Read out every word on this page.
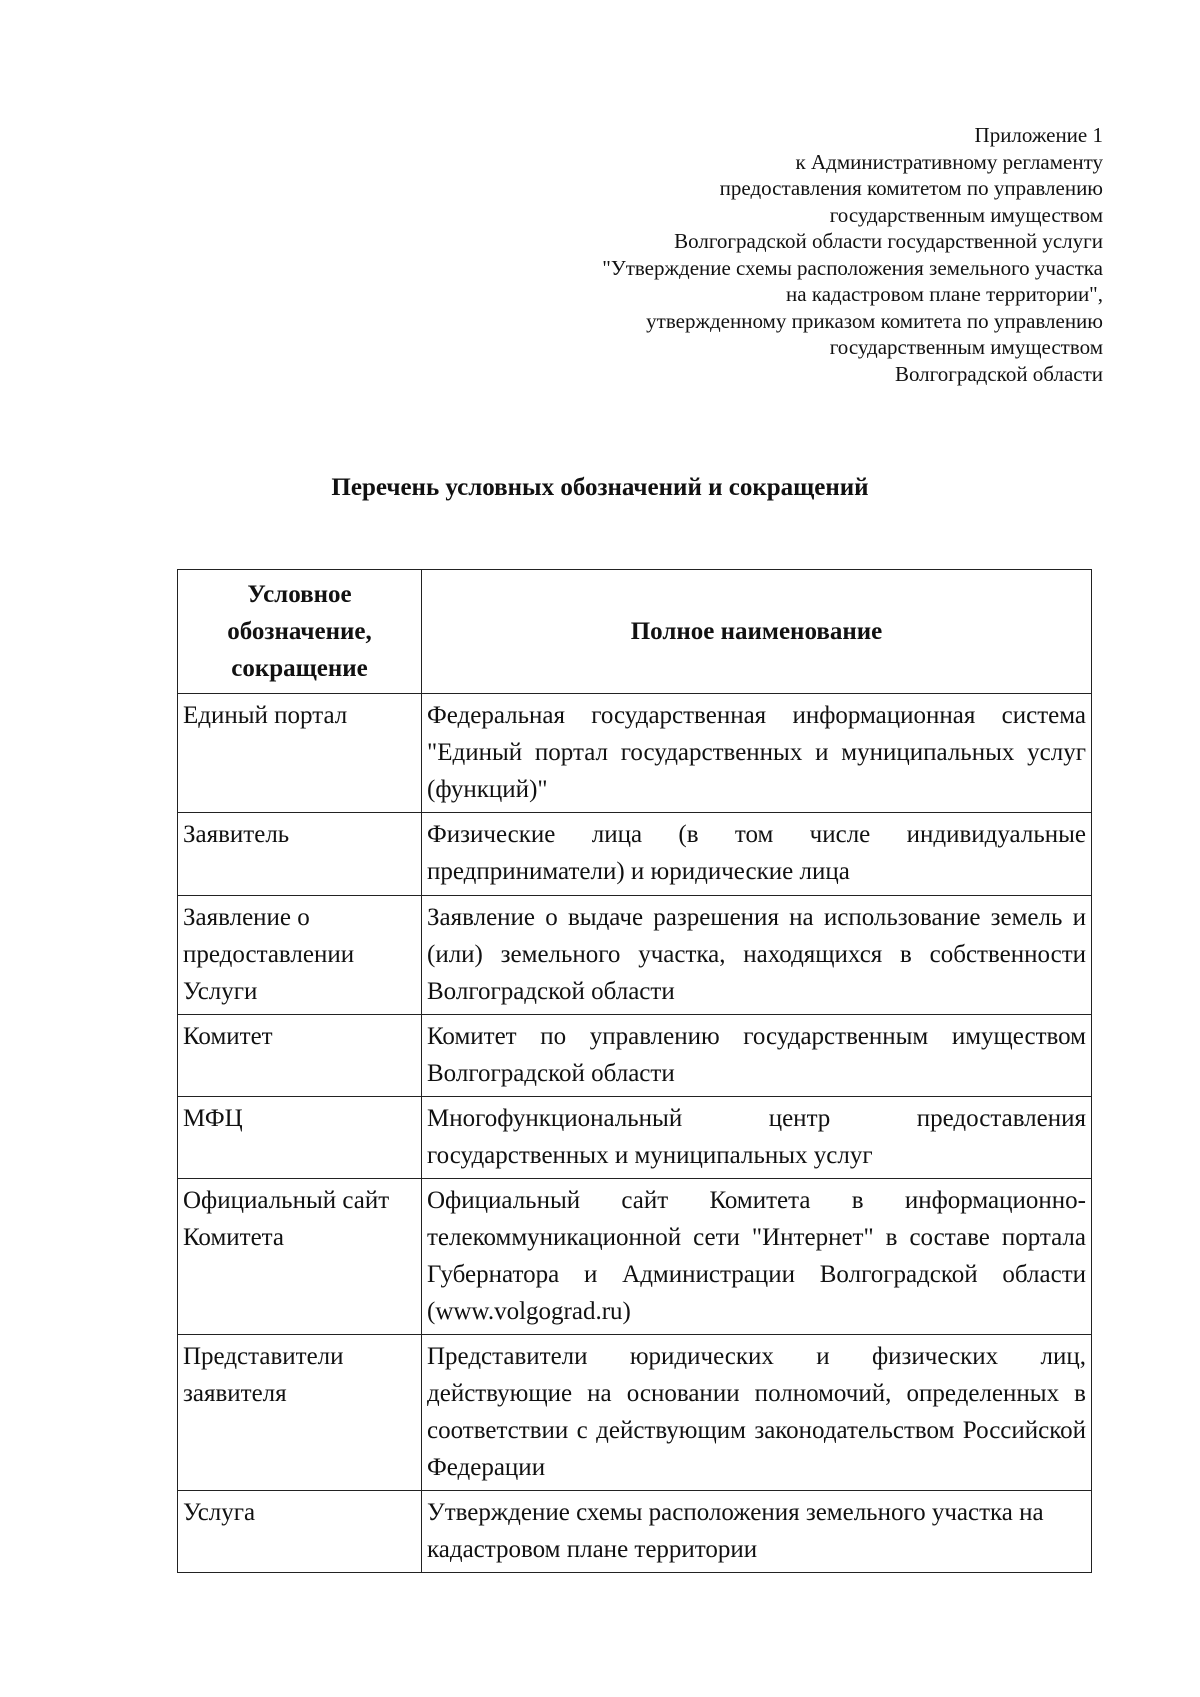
Приложение 1
к Административному регламенту
предоставления комитетом по управлению
государственным имуществом
Волгоградской области государственной услуги
"Утверждение схемы расположения земельного участка
на кадастровом плане территории",
утвержденному приказом комитета по управлению
государственным имуществом
Волгоградской области
Перечень условных обозначений и сокращений
Условное обозначение, сокращение	Полное наименование
Единый портал	Федеральная государственная информационная система "Единый портал государственных и муниципальных услуг (функций)"
Заявитель	Физические лица (в том числе индивидуальные предприниматели) и юридические лица
Заявление о предоставлении Услуги	Заявление о выдаче разрешения на использование земель и (или) земельного участка, находящихся в собственности Волгоградской области
Комитет	Комитет по управлению государственным имуществом Волгоградской области
МФЦ	Многофункциональный центр предоставления государственных и муниципальных услуг
Официальный сайт Комитета	Официальный сайт Комитета в информационно-телекоммуникационной сети "Интернет" в составе портала Губернатора и Администрации Волгоградской области (www.volgograd.ru)
Представители заявителя	Представители юридических и физических лиц, действующие на основании полномочий, определенных в соответствии с действующим законодательством Российской Федерации
Услуга	Утверждение схемы расположения земельного участка на кадастровом плане территории
